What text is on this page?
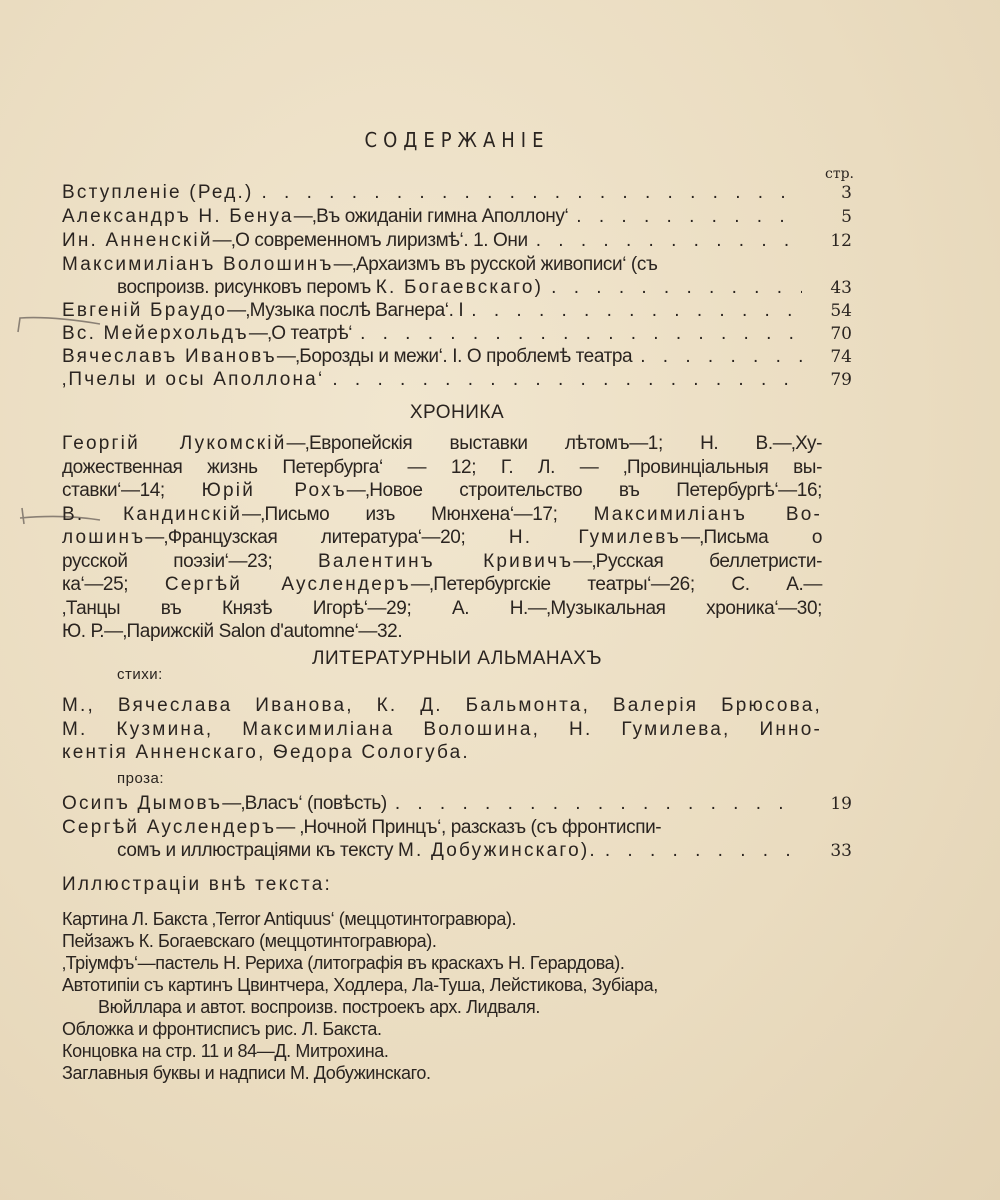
СОДЕРЖАНIЕ
стр.
Вступленiе (Ред.) . . .	3
Александръ Н. Бенуа—‚Въ ожиданiи гимна Аполлону‘ . . .	5
Ин. Анненскiй—‚О современномъ лиризмѣ‘. 1. Они . . .	12
Максимилiанъ Волошинъ—‚Архаизмъ въ русской живописи‘ (съ
воспроизв. рисунковъ перомъ К. Богаевскаго) . . .	43
Евгенiй Браудо—‚Музыка послѣ Вагнера‘. I . . .	54
Вс. Мейерхольдъ—‚О театрѣ‘ . . .	70
Вячеславъ Ивановъ—‚Борозды и межи‘. I. О проблемѣ театра . . .	74
‚Пчелы и осы Аполлона‘ . . .	79
ХРОНИКА
Георгiй Лукомскiй—‚Европейскiя выставки лѣтомъ—1; Н. В.—‚Ху-
дожественная жизнь Петербурга‘ — 12; Г. Л. — ‚Провинцiальныя вы-
ставки‘—14; Юрiй Рохъ—‚Новое строительство въ Петербургѣ‘—16;
В. Кандинскiй—‚Письмо изъ Мюнхена‘—17; Максимилiанъ Во-
лошинъ—‚Французская литература‘—20; Н. Гумилевъ—‚Письма о
русской поэзiи‘—23; Валентинъ Кривичъ—‚Русская беллетристи-
ка‘—25; Сергѣй Ауслендеръ—‚Петербургскiе театры‘—26; С. А.—
‚Танцы въ Князѣ Игорѣ‘—29; А. Н.—‚Музыкальная хроника‘—30;
Ю. Р.—‚Парижскiй Salon d'automne‘—32.
ЛИТЕРАТУРНЫИ АЛЬМАНАХЪ
стихи:
М., Вячеслава Иванова, К. Д. Бальмонта, Валерiя Брюсова,
М. Кузмина, Максимилiана Волошина, Н. Гумилева, Инно-
кентiя Анненскаго, Ѳедора Сологуба.
проза:
Осипъ Дымовъ—‚Власъ‘ (повѣсть) . . .	19
Сергѣй Ауслендеръ— ‚Ночной Принцъ‘, разсказъ (съ фронтиспи-
сомъ и иллюстрацiями къ тексту М. Добужинскаго). . . .	33
Иллюстрацiи внѣ текста:
Картина Л. Бакста ‚Terror Antiquus‘ (меццотинтогравюра).
Пейзажъ К. Богаевскаго (меццотинтогравюра).
‚Трiумфъ‘—пастель Н. Рериха (литографiя въ краскахъ Н. Герардова).
Автотипiи съ картинъ Цвинтчера, Ходлера, Ла-Туша, Лейстикова, Зубiара,
Вюйллара и автот. воспроизв. построекъ арх. Лидваля.
Обложка и фронтисписъ рис. Л. Бакста.
Концовка на стр. 11 и 84—Д. Митрохина.
Заглавныя буквы и надписи М. Добужинскаго.
